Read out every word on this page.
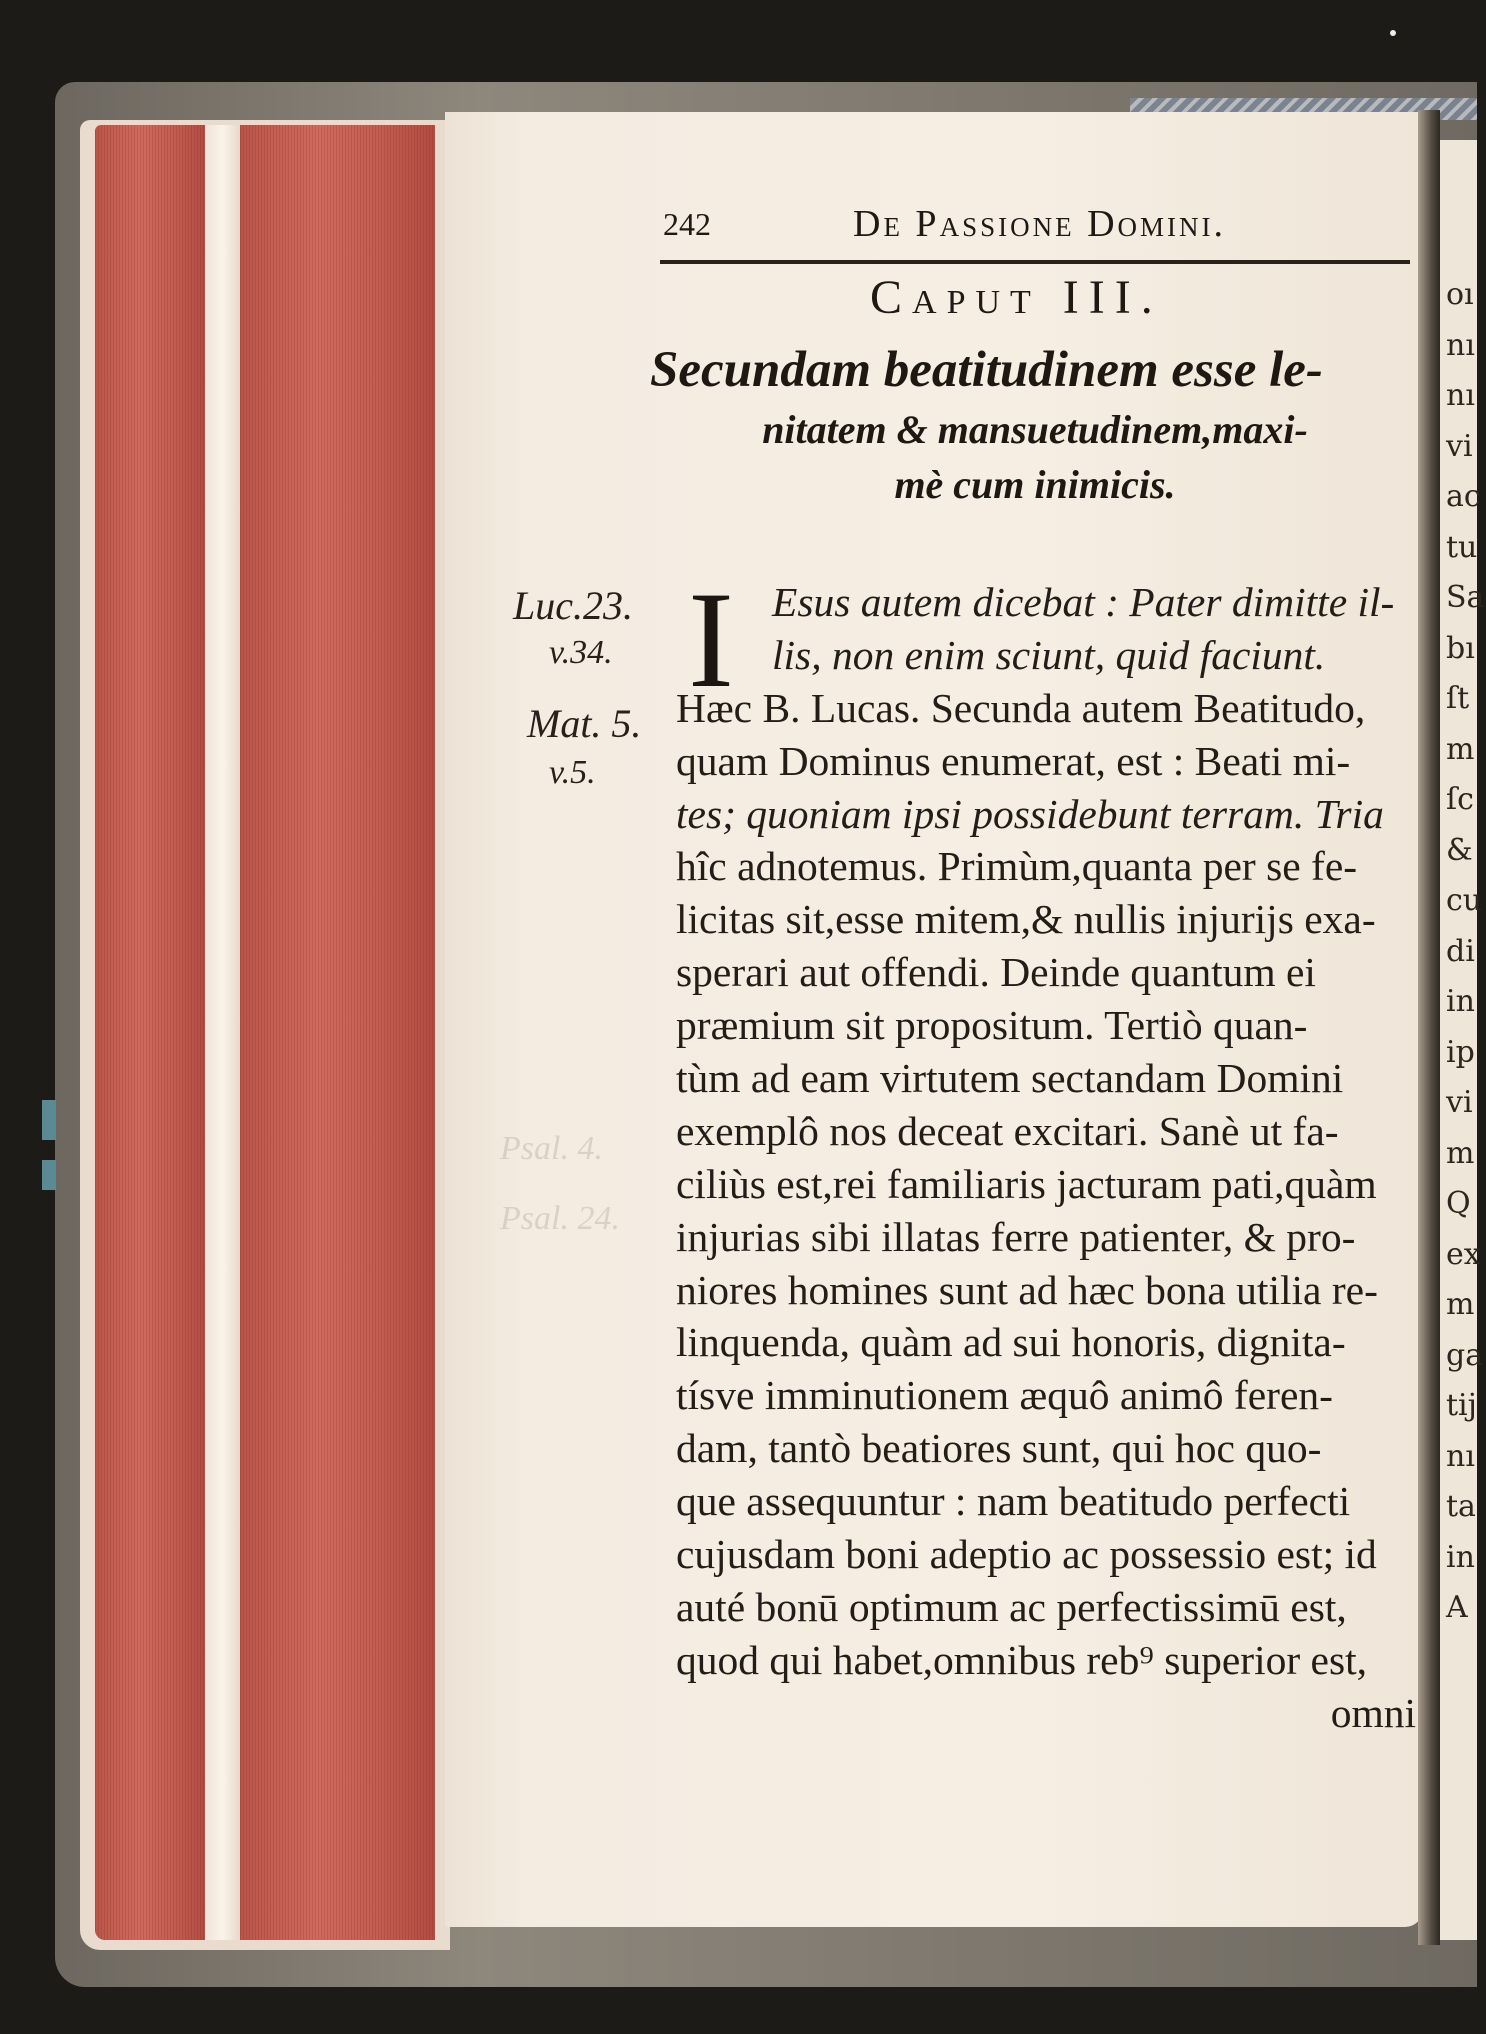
oı
nı
nı
vi
ac
tu
Sa
bı
ſt
m
ſc
&
cu
di
in
ip
vi
m
Q
ex
m
ga
tij
nı
ta
in
A
Psal. 4.
Psal. 24.
242	De Passione Domini.
Caput III.
Secundam beatitudinem esse le-
nitatem & mansuetudinem,maxi-
mè cum inimicis.
Luc.23.
v.34.
Mat. 5.
v.5.
I Esus autem dicebat : Pater dimitte il-
lis, non enim sciunt, quid faciunt.
Hæc B. Lucas. Secunda autem Beatitudo,
quam Dominus enumerat, est : Beati mi-
tes; quoniam ipsi possidebunt terram. Tria
hîc adnotemus. Primùm,quanta per se fe-
licitas sit,esse mitem,& nullis injurijs exa-
sperari aut offendi. Deinde quantum ei
præmium sit propositum. Tertiò quan-
tùm ad eam virtutem sectandam Domini
exemplô nos deceat excitari. Sanè ut fa-
ciliùs est,rei familiaris jacturam pati,quàm
injurias sibi illatas ferre patienter, & pro-
niores homines sunt ad hæc bona utilia re-
linquenda, quàm ad sui honoris, dignita-
tísve imminutionem æquô animô feren-
dam, tantò beatiores sunt, qui hoc quo-
que assequuntur : nam beatitudo perfecti
cujusdam boni adeptio ac possessio est; id
auté bonū optimum ac perfectissimū est,
quod qui habet,omnibus reb⁹ superior est,
omni
